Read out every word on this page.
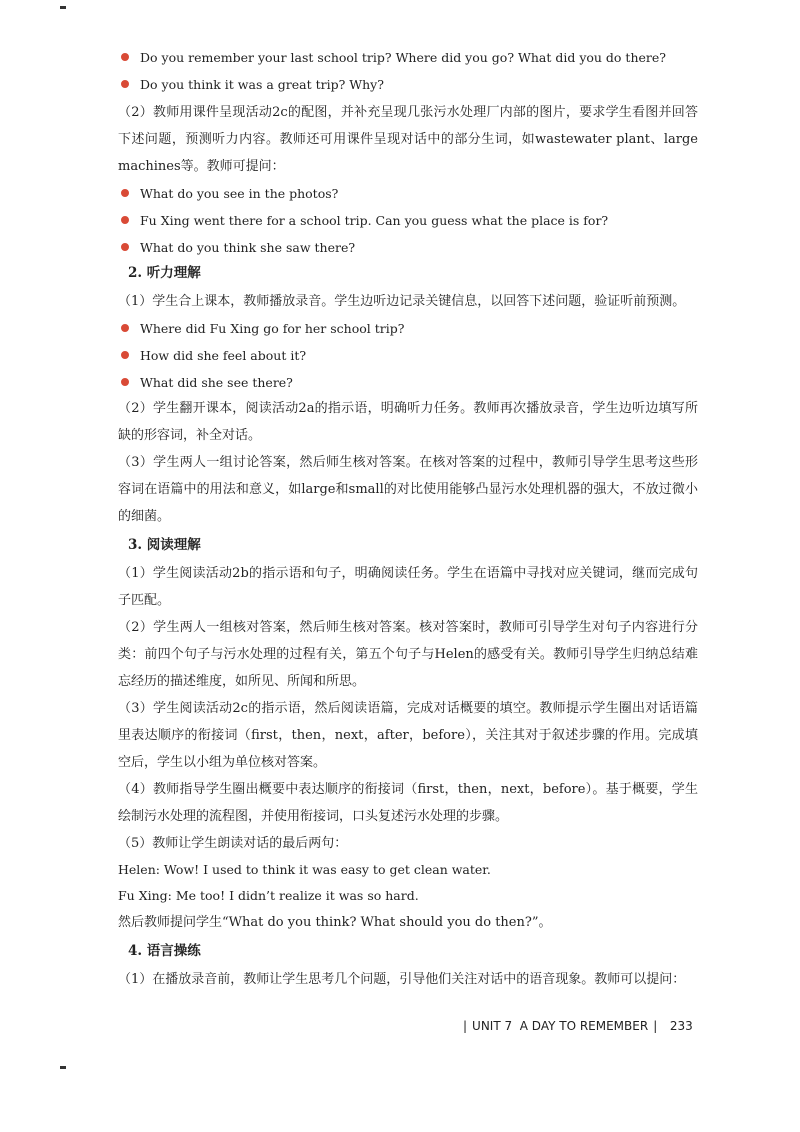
Do you remember your last school trip? Where did you go? What did you do there?
Do you think it was a great trip? Why?

（2）教师用课件呈现活动2c的配图，并补充呈现几张污水处理厂内部的图片，要求学生看图并回答下述问题，预测听力内容。教师还可用课件呈现对话中的部分生词，如wastewater plant、large machines等。教师可提问：

What do you see in the photos?
Fu Xing went there for a school trip. Can you guess what the place is for?
What do you think she saw there?
2. 听力理解

（1）学生合上课本，教师播放录音。学生边听边记录关键信息，以回答下述问题，验证听前预测。

Where did Fu Xing go for her school trip?
How did she feel about it?
What did she see there?

（2）学生翻开课本，阅读活动2a的指示语，明确听力任务。教师再次播放录音，学生边听边填写所缺的形容词，补全对话。

（3）学生两人一组讨论答案，然后师生核对答案。在核对答案的过程中，教师引导学生思考这些形容词在语篇中的用法和意义，如large和small的对比使用能够凸显污水处理机器的强大，不放过微小的细菌。

3. 阅读理解

（1）学生阅读活动2b的指示语和句子，明确阅读任务。学生在语篇中寻找对应关键词，继而完成句子匹配。

（2）学生两人一组核对答案，然后师生核对答案。核对答案时，教师可引导学生对句子内容进行分类：前四个句子与污水处理的过程有关，第五个句子与Helen的感受有关。教师引导学生归纳总结难忘经历的描述维度，如所见、所闻和所思。

（3）学生阅读活动2c的指示语，然后阅读语篇，完成对话概要的填空。教师提示学生圈出对话语篇里表达顺序的衔接词（first，then，next，after，before），关注其对于叙述步骤的作用。完成填空后，学生以小组为单位核对答案。

（4）教师指导学生圈出概要中表达顺序的衔接词（first，then，next，before）。基于概要，学生绘制污水处理的流程图，并使用衔接词，口头复述污水处理的步骤。

（5）教师让学生朗读对话的最后两句：

Helen: Wow! I used to think it was easy to get clean water.

Fu Xing: Me too! I didn’t realize it was so hard.

然后教师提问学生“What do you think? What should you do then?”。

4. 语言操练

（1）在播放录音前，教师让学生思考几个问题，引导他们关注对话中的语音现象。教师可以提问：

| UNIT 7 A DAY TO REMEMBER | 233
